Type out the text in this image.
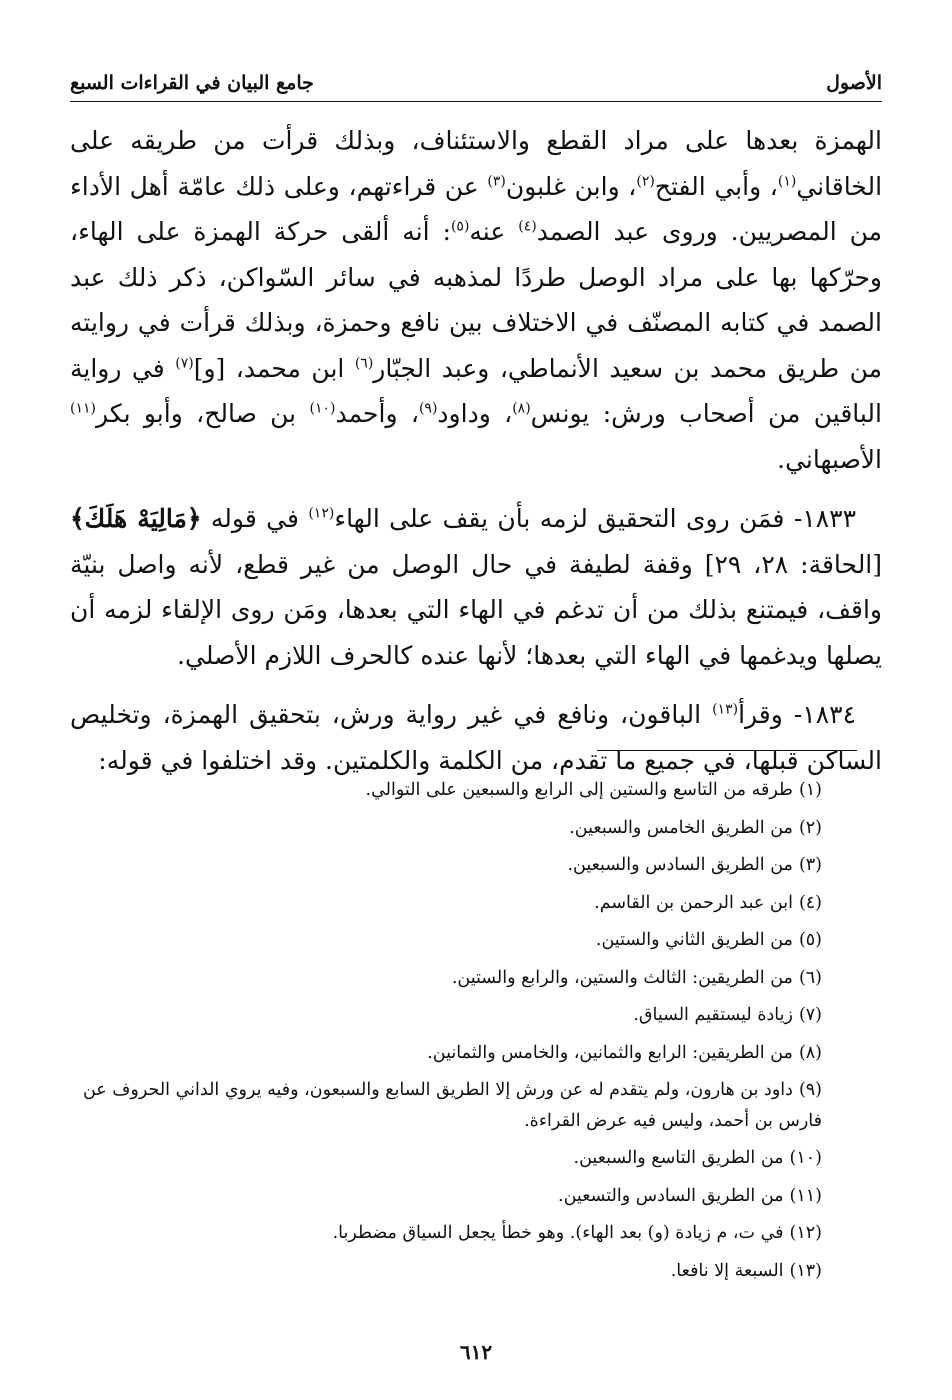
الأصول
جامع البيان في القراءات السبع

الهمزة بعدها على مراد القطع والاستئناف، وبذلك قرأت من طريقه على الخاقاني$^{(١)}$، وأبي الفتح$^{(٢)}$، وابن غلبون$^{(٣)}$ عن قراءتهم، وعلى ذلك عامّة أهل الأداء من المصريين. وروى عبد الصمد$^{(٤)}$ عنه$^{(٥)}$: أنه ألقى حركة الهمزة على الهاء، وحرّكها بها على مراد الوصل طردًا لمذهبه في سائر السّواكن، ذكر ذلك عبد الصمد في كتابه المصنّف في الاختلاف بين نافع وحمزة، وبذلك قرأت في روايته من طريق محمد بن سعيد الأنماطي، وعبد الجبّار$^{(٦)}$ ابن محمد، [و]$^{(٧)}$ في رواية الباقين من أصحاب ورش: يونس$^{(٨)}$، وداود$^{(٩)}$، وأحمد$^{(١٠)}$ بن صالح، وأبو بكر$^{(١١)}$ الأصبهاني.

١٨٣٣- فمَن روى التحقيق لزمه بأن يقف على الهاء$^{(١٢)}$ في قوله ﴿مَالِيَهْ هَلَكَ﴾ [الحاقة: ٢٨، ٢٩] وقفة لطيفة في حال الوصل من غير قطع، لأنه واصل بنيّة واقف، فيمتنع بذلك من أن تدغم في الهاء التي بعدها، ومَن روى الإلقاء لزمه أن يصلها ويدغمها في الهاء التي بعدها؛ لأنها عنده كالحرف اللازم الأصلي.

١٨٣٤- وقرأ$^{(١٣)}$ الباقون، ونافع في غير رواية ورش، بتحقيق الهمزة، وتخليص الساكن قبلها، في جميع ما تقدم، من الكلمة والكلمتين. وقد اختلفوا في قوله:

(١)طرقه من التاسع والستين إلى الرابع والسبعين على التوالي.

(٢)من الطريق الخامس والسبعين.

(٣)من الطريق السادس والسبعين.

(٤)ابن عبد الرحمن بن القاسم.

(٥)من الطريق الثاني والستين.

(٦)من الطريقين: الثالث والستين، والرابع والستين.

(٧)زيادة ليستقيم السياق.

(٨)من الطريقين: الرابع والثمانين، والخامس والثمانين.

(٩)داود بن هارون، ولم يتقدم له عن ورش إلا الطريق السابع والسبعون، وفيه يروي الداني الحروف عن فارس بن أحمد، وليس فيه عرض القراءة.

(١٠)من الطريق التاسع والسبعين.

(١١)من الطريق السادس والتسعين.

(١٢)في ت، م زيادة (و) بعد الهاء). وهو خطأ يجعل السياق مضطربا.

(١٣)السبعة إلا نافعا.

٦١٢
